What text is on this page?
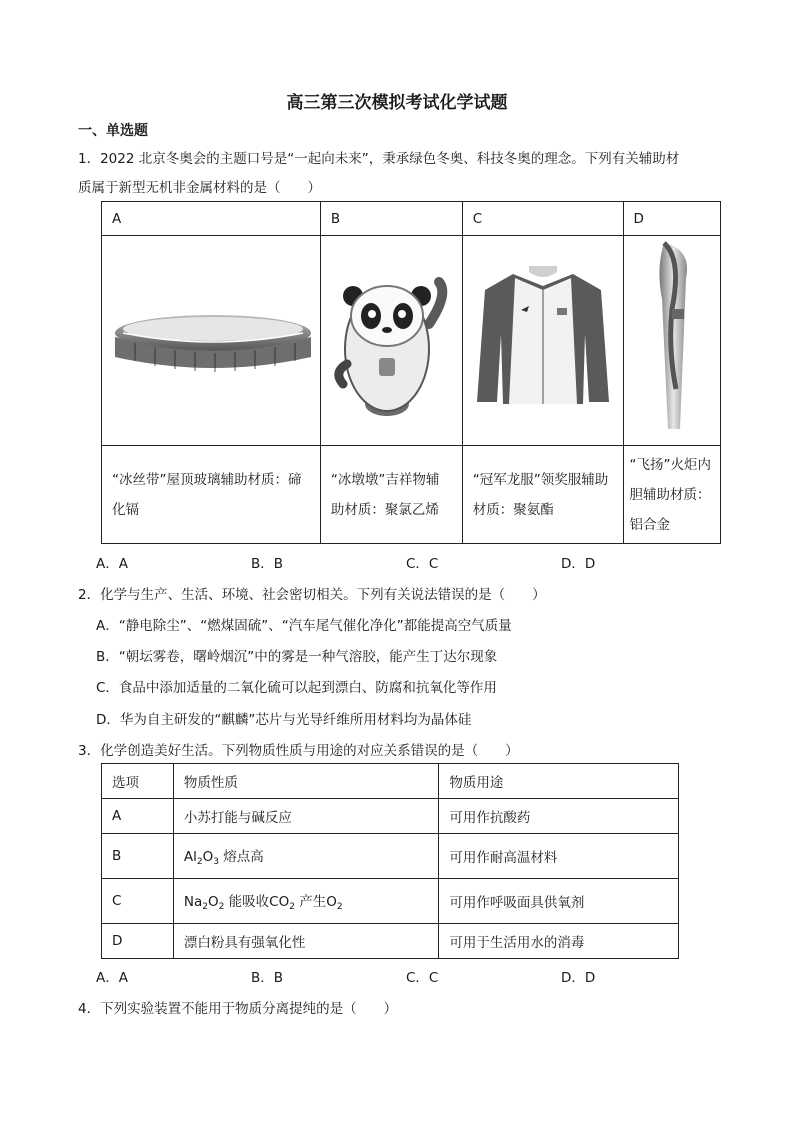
高三第三次模拟考试化学试题
一、单选题
1．2022 北京冬奥会的主题口号是“一起向未来”，秉承绿色冬奥、科技冬奥的理念。下列有关辅助材
质属于新型无机非金属材料的是（　　）
A	B	C	D

“冰丝带”屋顶玻璃辅助材质：碲化镉	“冰墩墩”吉祥物辅助材质：聚氯乙烯	“冠军龙服”领奖服辅助材质：聚氨酯	“飞扬”火炬内胆辅助材质：铝合金
A．A	B．B	C．C	D．D
2．化学与生产、生活、环境、社会密切相关。下列有关说法错误的是（　　）
A．“静电除尘”、“燃煤固硫”、“汽车尾气催化净化”都能提高空气质量
B．“朝坛雾卷，曙岭烟沉”中的雾是一种气溶胶，能产生丁达尔现象
C．食品中添加适量的二氧化硫可以起到漂白、防腐和抗氧化等作用
D．华为自主研发的“麒麟”芯片与光导纤维所用材料均为晶体硅
3．化学创造美好生活。下列物质性质与用途的对应关系错误的是（　　）
选项	物质性质	物质用途
A	小苏打能与碱反应	可用作抗酸药
B	$Al_2O_3$ 熔点高	可用作耐高温材料
C	$Na_2O_2$ 能吸收$CO_2$ 产生$O_2$	可用作呼吸面具供氧剂
D	漂白粉具有强氧化性	可用于生活用水的消毒
A．A	B．B	C．C	D．D
4．下列实验装置不能用于物质分离提纯的是（　　）
